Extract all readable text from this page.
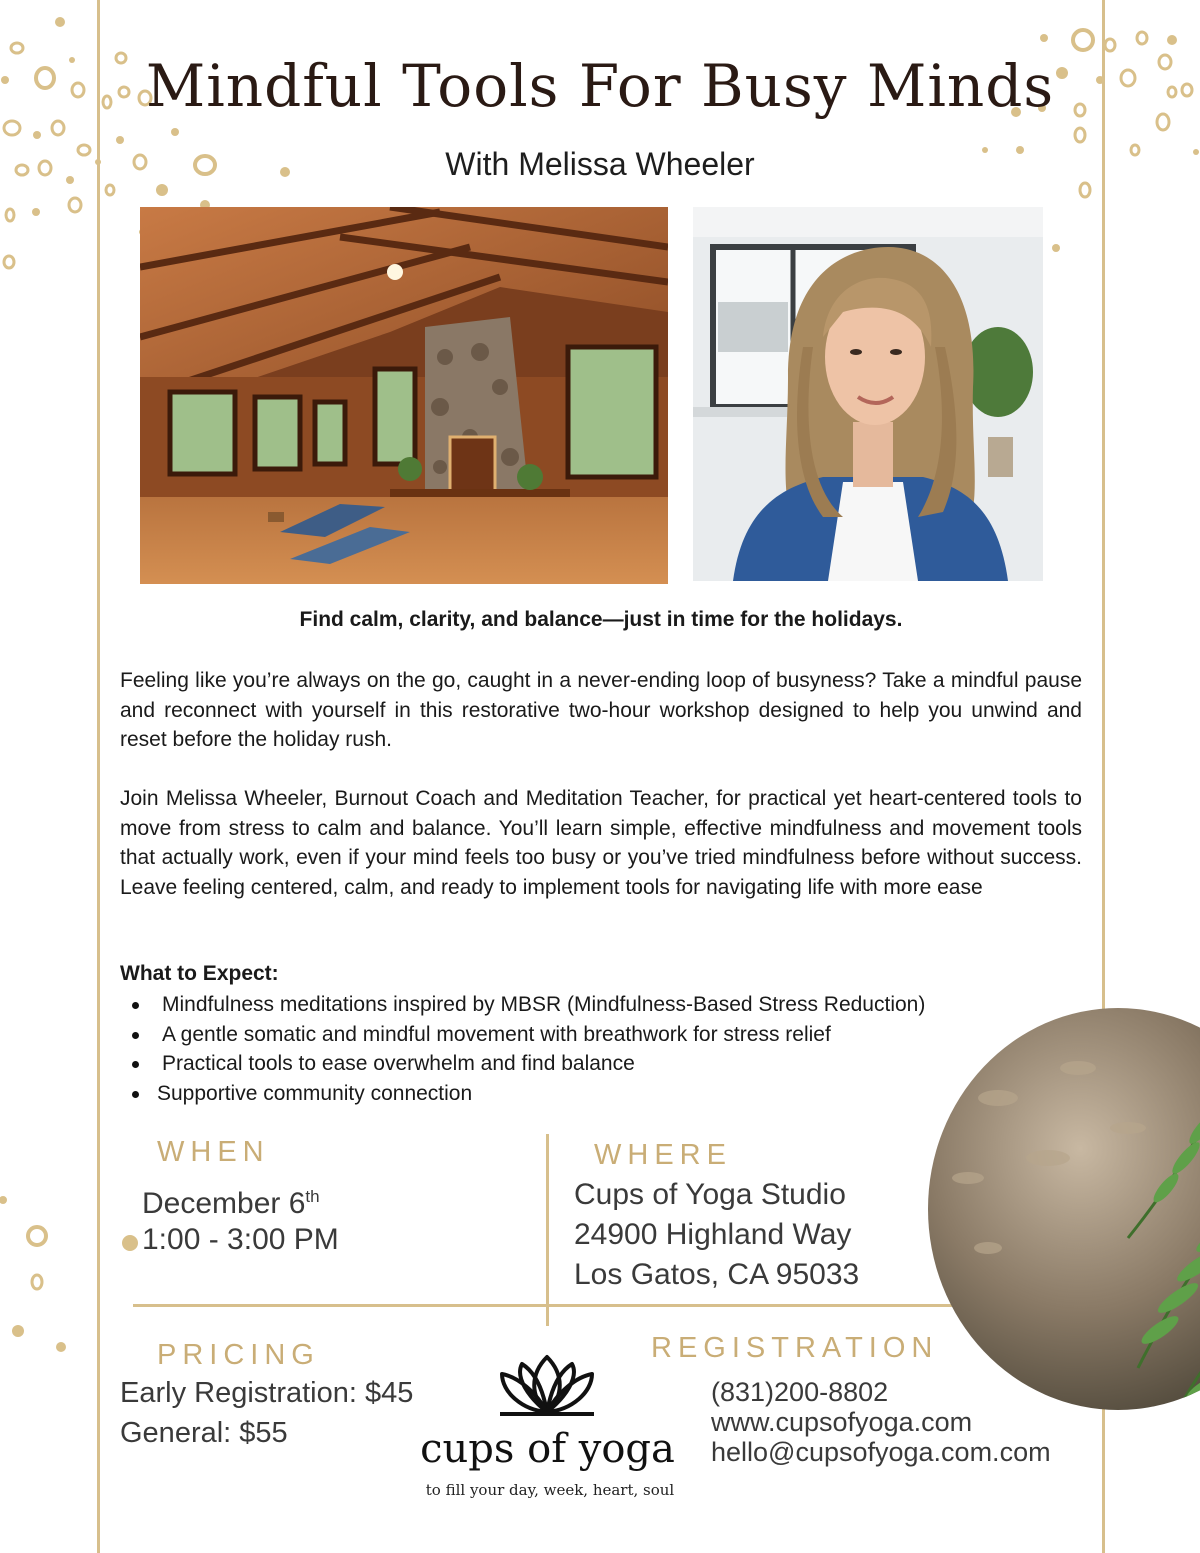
Mindful Tools For Busy Minds
With Melissa Wheeler
Find calm, clarity, and balance—just in time for the holidays.

Feeling like you’re always on the go, caught in a never-ending loop of busyness? Take a mindful pause and reconnect with yourself in this restorative two-hour workshop designed to help you unwind and reset before the holiday rush.

Join Melissa Wheeler, Burnout Coach and Meditation Teacher, for practical yet heart-centered tools to move from stress to calm and balance. You’ll learn simple, effective mindfulness and movement tools that actually work, even if your mind feels too busy or you’ve tried mindfulness before without success. Leave feeling centered, calm, and ready to implement tools for navigating life with more ease

What to Expect:
Mindfulness meditations inspired by MBSR (Mindfulness-Based Stress Reduction)
A gentle somatic and mindful movement with breathwork for stress relief
Practical tools to ease overwhelm and find balance
Supportive community connection
WHEN
December 6th
1:00 - 3:00 PM
WHERE
Cups of Yoga Studio
24900 Highland Way
Los Gatos, CA 95033
PRICING
Early Registration: $45
General: $55
REGISTRATION
(831)200-8802
www.cupsofyoga.com
hello@cupsofyoga.com.com
cups of yoga
to fill your day, week, heart, soul
